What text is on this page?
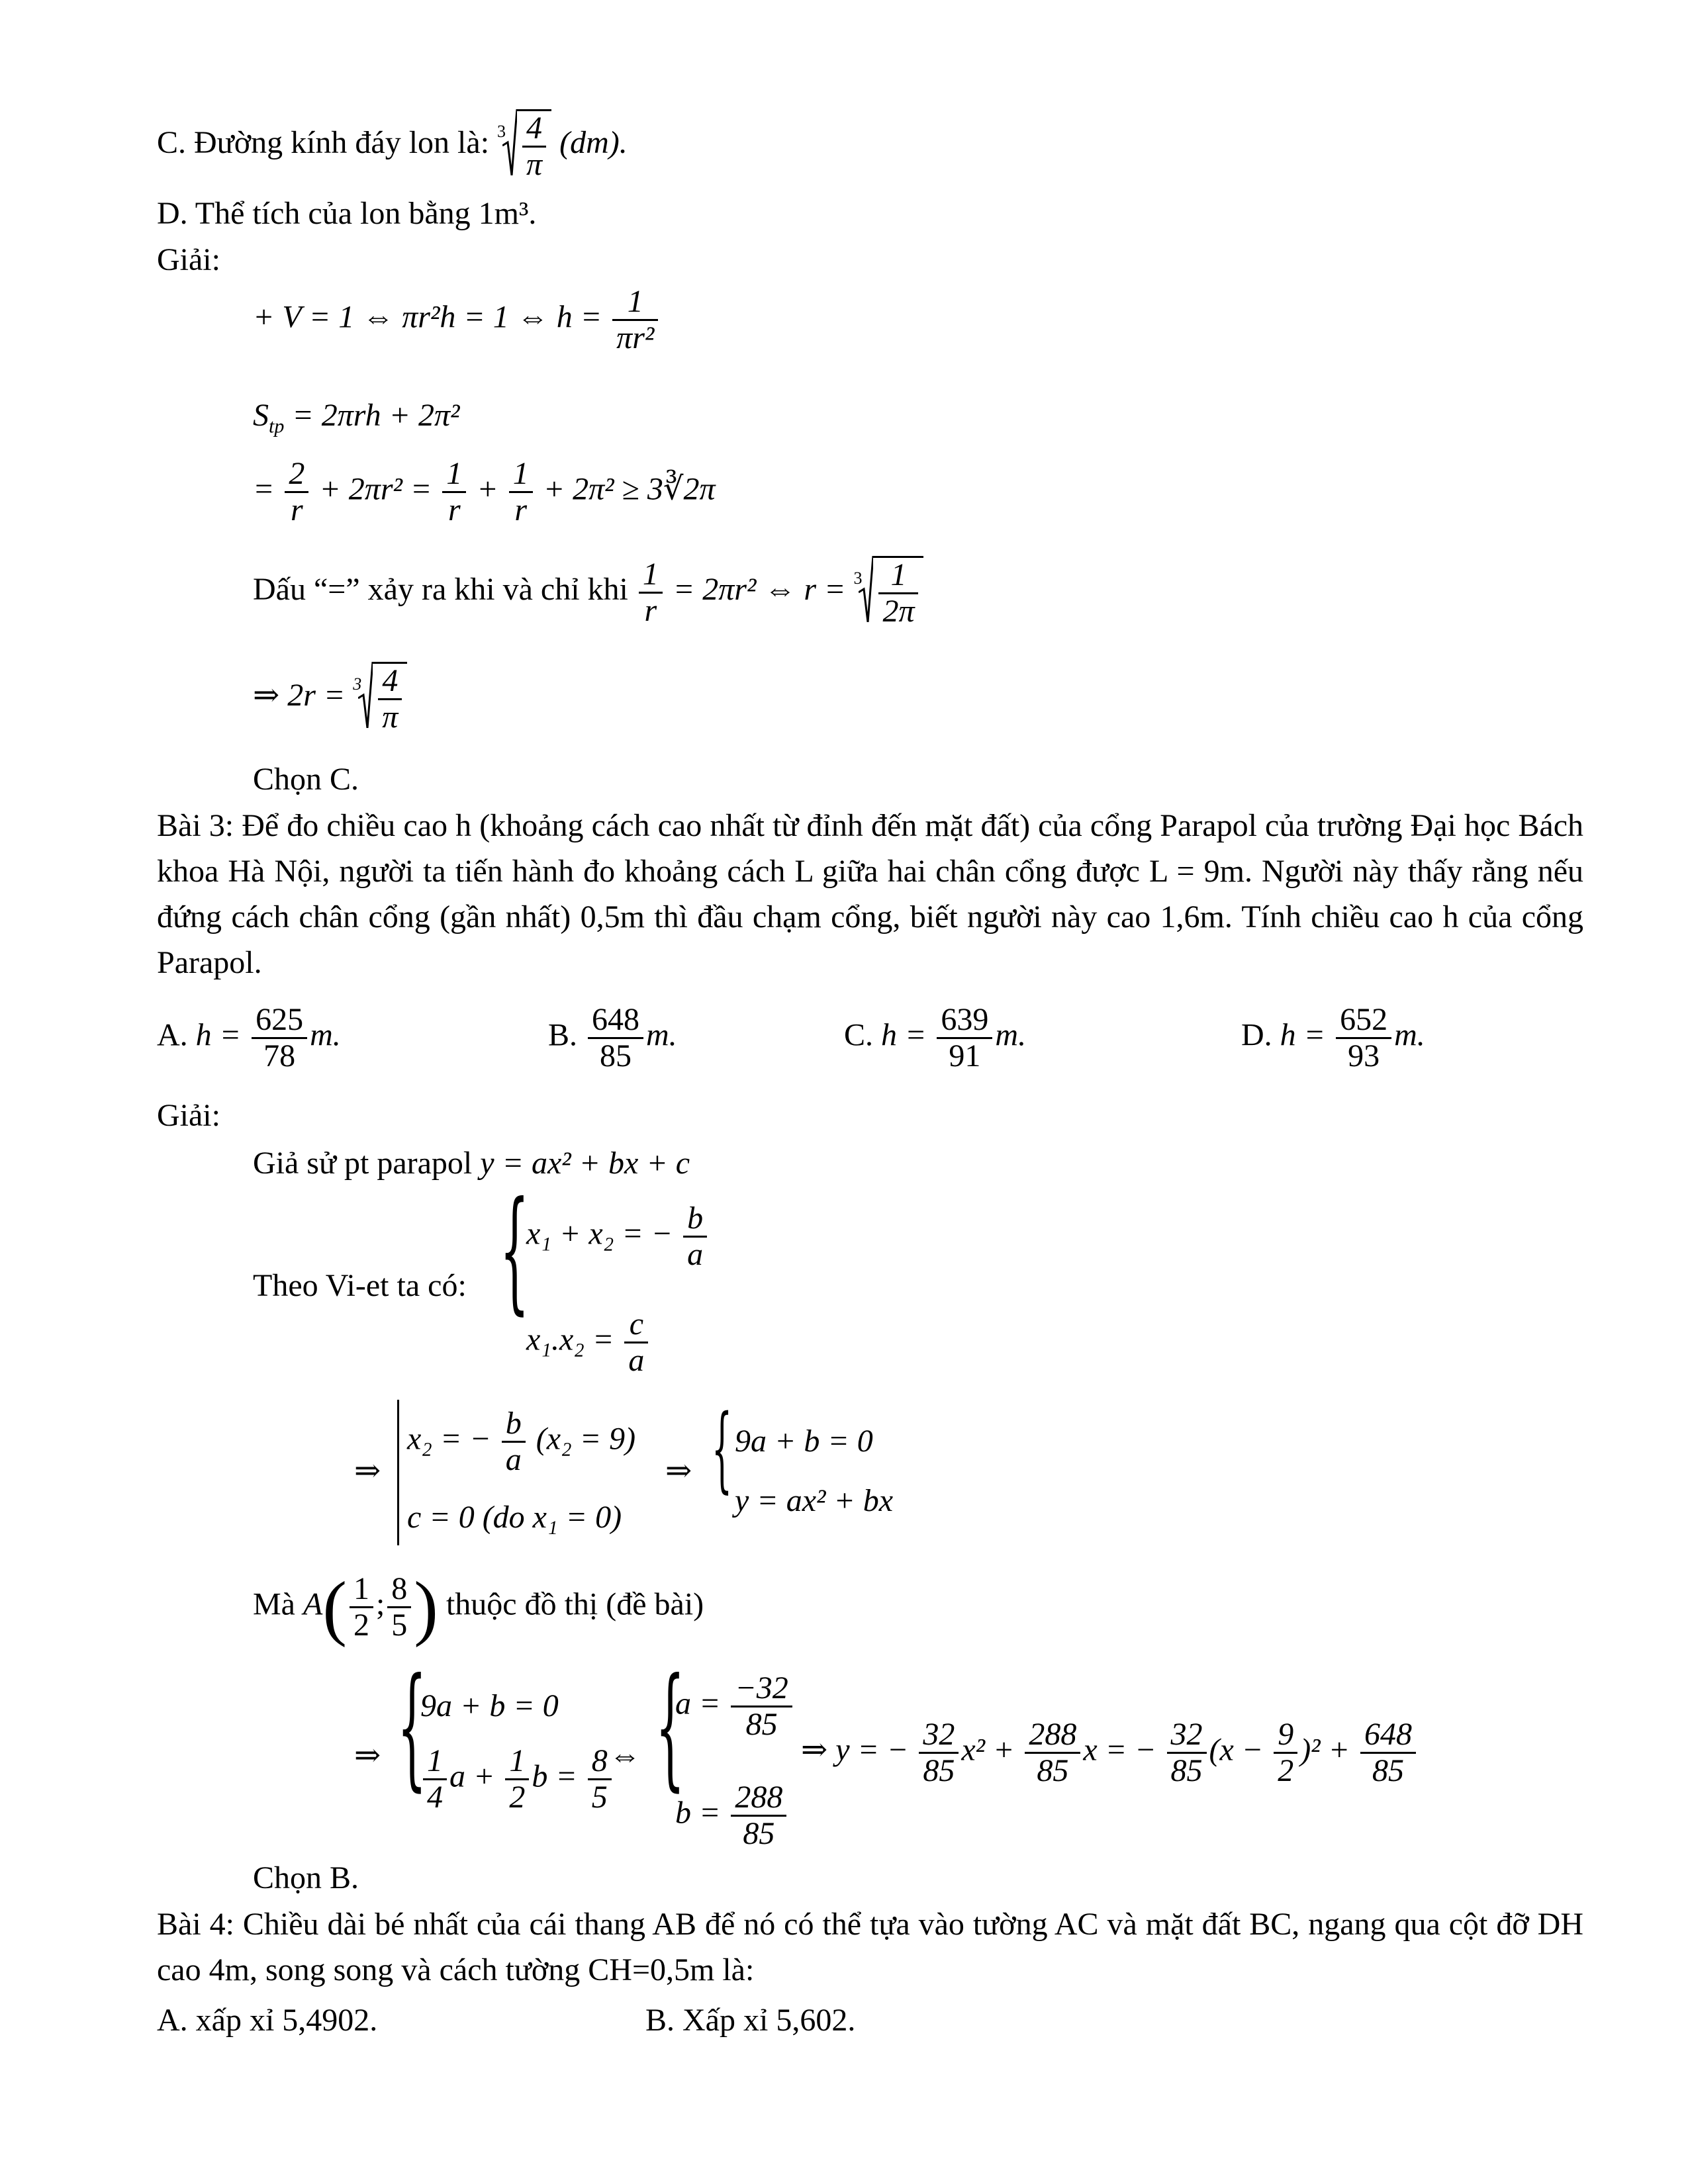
C. Đường kính đáy lon là: $3 \frac{4}{\pi} (dm)$.
D. Thể tích của lon bằng 1m³.
Giải:
+ V = 1 ⇔ πr²h = 1 ⇔ $h = \frac{1}{\text{πr²}}$
$S_{tp} = 2\pi rh + 2\pi^2$
= $\frac{2}{r} + 2\pi r^2 = \frac{1}{r} + \frac{1}{r} + 2\pi^2$ ≥ 3∛2π
Dấu “=” xảy ra khi và chỉ khi $\frac{1}{r} = 2\pi r^2$ ⇔ $r = 3 \frac{1}{2\pi}$
⇒ $2r = 3 \frac{4}{\pi}$
Chọn C.
Bài 3: Để đo chiều cao h (khoảng cách cao nhất từ đỉnh đến mặt đất) của cổng Parapol của trường Đại học Bách khoa Hà Nội, người ta tiến hành đo khoảng cách L giữa hai chân cổng được L = 9m. Người này thấy rằng nếu đứng cách chân cổng (gần nhất) 0,5m thì đầu chạm cổng, biết người này cao 1,6m. Tính chiều cao h của cổng Parapol.
A. $h = \frac{625}{78} m$.	B. $\frac{648}{85} m$.	C. $h = \frac{639}{91} m$.	D. $h = \frac{652}{93} m$.
Giải:
Giả sử pt parapol y = ax² + bx + c
Theo Vi-et ta có: {
x₁ + x₂ = − $\frac{b}{a}$
$x_1.x_2 = \frac{c}{a}$
⇒
x₂ = − $\frac{b}{a} (x_2 = 9)$
c = 0 (do x₁ = 0)
⇒ { 9a + b = 0
y = ax² + bx
Mà $A( \frac{1}{2}$ ; $\frac{8}{5}$ ) thuộc đồ thị (đề bài)
⇒ {
9a + b = 0
$\frac{1}{4}$ $a + \frac{1}{2}$ $b = \frac{8}{5}$
⇔ {
$a = \frac{-32}{85}$
$b = \frac{288}{85}$
⇒ y = − $\frac{32}{85} x^2 + \frac{288}{85}$ x = − $\frac{32}{85} (x - \frac{9}{2} )^2 + \frac{648}{85}$
Chọn B.
Bài 4: Chiều dài bé nhất của cái thang AB để nó có thể tựa vào tường AC và mặt đất BC, ngang qua cột đỡ DH cao 4m, song song và cách tường CH=0,5m là:
A. xấp xỉ 5,4902.	B. Xấp xỉ 5,602.
